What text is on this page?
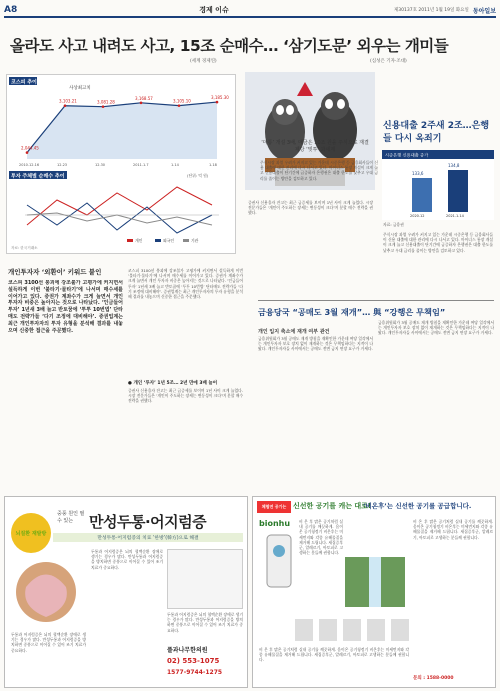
A8	경제 이슈	제30137호 2011년 1월 19일 화요일 동아일보
올라도 사고 내려도 사고, 15조 순매수… ‘삼기도문’ 외우는 개미들
(세계 경제연)	(심성은 기자·조대)
코스피 추이
사상최고치
2,044.45
2010.12.16
3,103.21
12.23
3,081.28
12.30
3,168.57
2011.1.7
3,105.10
1.14
3,185.30
1.18
투자 주체별 순매수 추이	(단위: 억 원)
개인	외국인	기관
자료: 한국거래소
개인투자자 ‘외환이’ 키워드 붙인
코스피 3100선 붕괴에 강조불가 고평가에 커지면서 설득하게 이번 ‘불타기·물타기’에 나서며 매수세를 이어가고 있다. 증권가 계좌수가 크게 늘면서 개인 투자자 비중은 높아지는 것으로 나타났다. ‘인금들어 투자’ 1년새 3배 늘고 반토꿈에 ‘투투 10번법’ 단타매도 전략가들 ‘다기 조정에 대비해야’. 증권업계는 최근 개인투자자의 투자 유형을 분석해 결과를 내놓으며 신중한 접근을 주문했다.
코스피 3100선 붕괴에 강조불가 고평가에 커지면서 설득하게 이번 ‘불타기·물타기’에 나서며 매수세를 이어가고 있다. 증권가 계좌수가 크게 늘면서 개인 투자자 비중은 높아지는 것으로 나타났다. ‘인금들어 투자’ 1년새 3배 늘고 반토꿈에 ‘투투 10번법’ 단타매도 전략가들 ‘다기 조정에 대비해야’. 증권업계는 최근 개인투자자의 투자 유형을 분석해 결과를 내놓으며 신중한 접근을 주문했다.
● 개인 ‘투자’ 1년 5조… 2년 만에 3배 늘어
증권사 신용융자 잔고는 최근 급증세를 보이며 1년 사이 크게 늘었다. 시장 전문가들은 ‘개인이 주도하는 장세는 변동성이 크다’며 분할 매수 전략을 권했다.
증권사 신용융자 잔고는 최근 급증세를 보이며 1년 사이 크게 늘었다. 시장 전문가들은 ‘개인이 주도하는 장세는 변동성이 크다’며 분할 매수 전략을 권했다.
신용대출 2주새 2조…은행들 다시 옥죄기
‘마통’ 개설 3배, 매금은 10조 원을 주식으로 재결제당 ‘빚투’ 과세계
시중은행 신용대출 증가
133,6
134,8
2020.12	2021.1.14
자료: 금융권
주식시장 과열 우려가 커지고 있는 가운데 시중은행 등 금융회사들이 신용 대출에 대한 관리에 다시 나서고 있다. 마이너스 통장 개설이 크게 늘고 신용대출이 단기간에 급증하자 은행권은 대출 한도를 낮추고 우대 금리를 줄이는 방안을 검토하고 있다.
주식시장 과열 우려가 커지고 있는 가운데 시중은행 등 금융회사들이 신용 대출에 대한 관리에 다시 나서고 있다. 마이너스 통장 개설이 크게 늘고 신용대출이 단기간에 급증하자 은행권은 대출 한도를 낮추고 우대 금리를 줄이는 방안을 검토하고 있다.
금융당국 “공매도 3월 재개”… 與 “강행은 무책임”
개인 입지 축소에 재개 여부 관건
금융위원회가 3월 공매도 재개 방침을 재확인한 가운데 여당 일각에서는 개인투자자 보호 장치 없이 재개하는 것은 무책임하다는 지적이 나왔다. 개인투자자들 사이에서는 공매도 전면 금지 연장 요구가 거세다.
금융위원회가 3월 공매도 재개 방침을 재확인한 가운데 여당 일각에서는 개인투자자 보호 장치 없이 재개하는 것은 무책임하다는 지적이 나왔다. 개인투자자들 사이에서는 공매도 전면 금지 연장 요구가 거세다.
뇌질환 재발방
중풍 원인 필수 있는	만성두통·어지럼증
만성두통·어지럼증의 치료 ‘한방’(韓方)으로 해결
두통과 어지럼증은 뇌의 혈액순환 장애로 생기는 경우가 많다. 만성두통과 어지럼증을 방치하면 중풍으로 이어질 수 있어 조기 치료가 중요하다.
두통과 어지럼증은 뇌의 혈액순환 장애로 생기는 경우가 많다. 만성두통과 어지럼증을 방치하면 중풍으로 이어질 수 있어 조기 치료가 중요하다.
두통과 어지럼증은 뇌의 혈액순환 장애로 생기는 경우가 많다. 만성두통과 어지럼증을 방치하면 중풍으로 이어질 수 있어 조기 치료가 중요하다.
풀과나무한의원
02) 553-1075
1577-9744-1275
체험연 공기는 신선한 공기를 캐는 대로!
‘비온후’는 신선한 공기를 공급합니다.
bionhu 비 온 후 맑은 공기처럼 실내 공기를 깨끗하게. 음이온 공기청정기 비온후는 미세먼지와 각종 유해물질을 제거해 드립니다. 새집증후군, 알레르기, 아토피로 고생하는 분들께 권합니다.
비 온 후 맑은 공기처럼 실내 공기를 깨끗하게. 음이온 공기청정기 비온후는 미세먼지와 각종 유해물질을 제거해 드립니다. 새집증후군, 알레르기, 아토피로 고생하는 분들께 권합니다.
비 온 후 맑은 공기처럼 실내 공기를 깨끗하게. 음이온 공기청정기 비온후는 미세먼지와 각종 유해물질을 제거해 드립니다. 새집증후군, 알레르기, 아토피로 고생하는 분들께 권합니다.
문의 : 1588-0000
